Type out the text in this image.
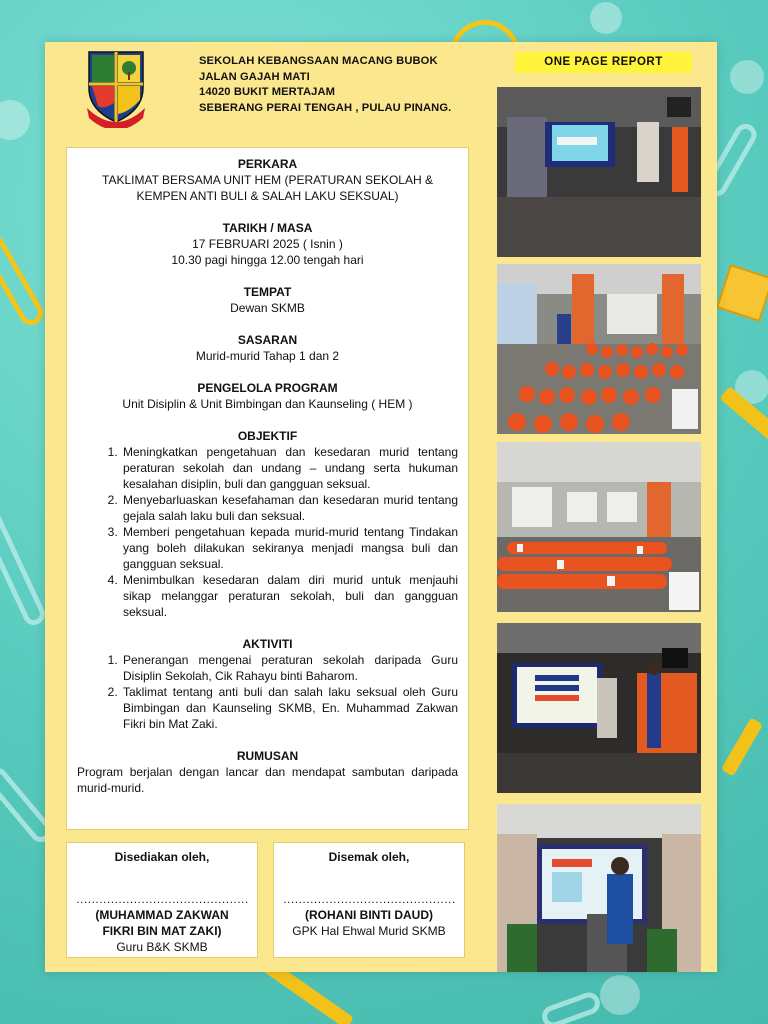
SEKOLAH KEBANGSAAN MACANG BUBOK
JALAN GAJAH MATI
14020 BUKIT MERTAJAM
SEBERANG PERAI TENGAH , PULAU PINANG.
ONE PAGE REPORT
PERKARA
TAKLIMAT BERSAMA UNIT HEM (PERATURAN SEKOLAH & KEMPEN ANTI BULI & SALAH LAKU SEKSUAL)
TARIKH / MASA
17 FEBRUARI 2025 ( Isnin )
10.30 pagi hingga 12.00 tengah hari
TEMPAT
Dewan SKMB
SASARAN
Murid-murid Tahap 1 dan 2
PENGELOLA PROGRAM
Unit Disiplin & Unit Bimbingan dan Kaunseling ( HEM )
OBJEKTIF
1. Meningkatkan pengetahuan dan kesedaran murid tentang peraturan sekolah dan undang – undang serta hukuman kesalahan disiplin, buli dan gangguan seksual.
2. Menyebarluaskan kesefahaman dan kesedaran murid tentang gejala salah laku buli dan seksual.
3. Memberi pengetahuan kepada murid-murid tentang Tindakan yang boleh dilakukan sekiranya menjadi mangsa buli dan gangguan seksual.
4. Menimbulkan kesedaran dalam diri murid untuk menjauhi sikap melanggar peraturan sekolah, buli dan gangguan seksual.
AKTIVITI
1. Penerangan mengenai peraturan sekolah daripada Guru Disiplin Sekolah, Cik Rahayu binti Baharom.
2. Taklimat tentang anti buli dan salah laku seksual oleh Guru Bimbingan dan Kaunseling SKMB, En. Muhammad Zakwan Fikri bin Mat Zaki.
RUMUSAN
Program berjalan dengan lancar dan mendapat sambutan daripada murid-murid.
Disediakan oleh,
………………………………………
(MUHAMMAD ZAKWAN
FIKRI BIN MAT ZAKI)
Guru B&K SKMB
Disemak oleh,
………………………………………
(ROHANI BINTI DAUD)
GPK Hal Ehwal Murid SKMB
